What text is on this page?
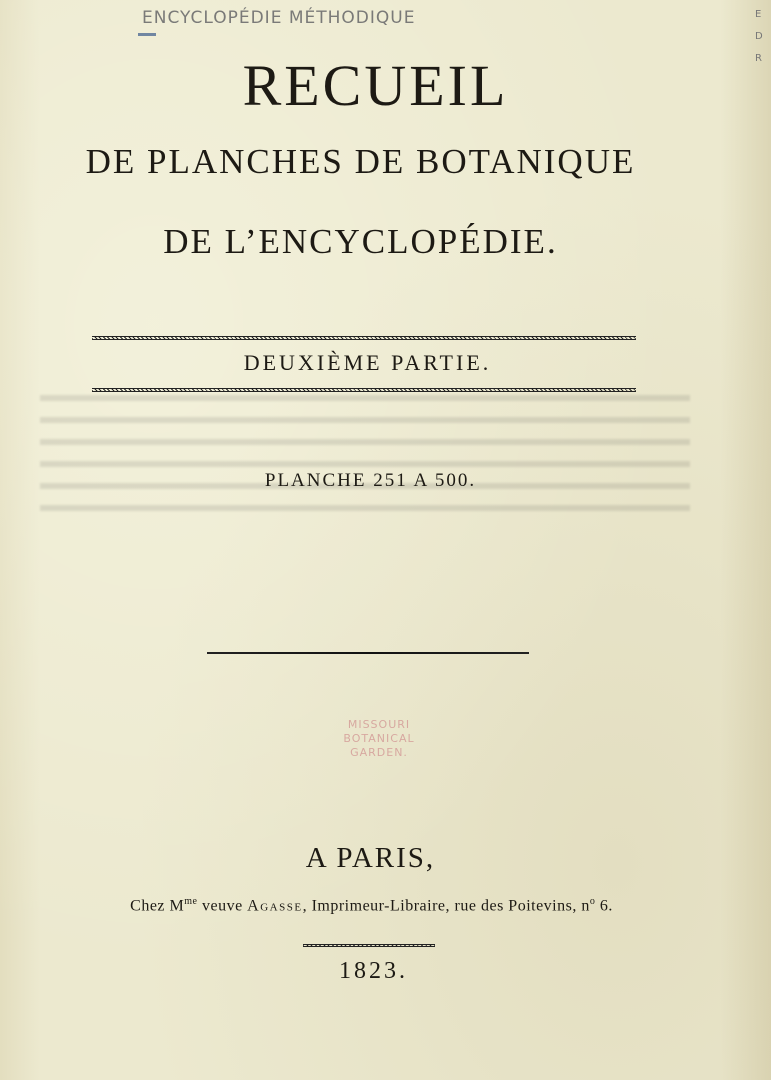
ENCYCLOPÉDIE MÉTHODIQUE	E
D
R
RECUEIL
DE PLANCHES DE BOTANIQUE
DE L’ENCYCLOPÉDIE.
DEUXIÈME PARTIE.
PLANCHE 251 A 500.
MISSOURI
BOTANICAL
GARDEN.
A PARIS,
Chez $M^{me}$ veuve Agasse, Imprimeur-Libraire, rue des Poitevins, $n^o$ 6.
1823.
